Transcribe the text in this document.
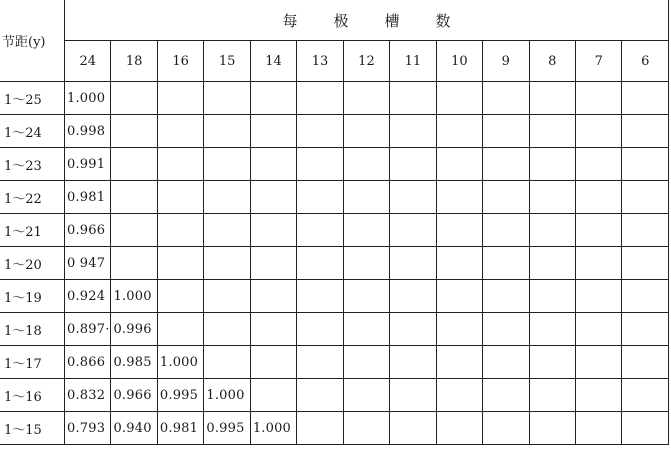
节距(y)	每 极 槽 数												
	24	18	16	15	14	13	12	11	10	9	8	7	6
1～25	1.000												
1～24	0.998												
1～23	0.991												
1～22	0.981												
1～21	0.966												
1～20	0 947												
1～19	0.924	1.000											
1～18	0.897·	0.996											
1～17	0.866	0.985	1.000										
1～16	0.832	0.966	0.995	1.000									
1～15	0.793	0.940	0.981	0.995	1.000								
